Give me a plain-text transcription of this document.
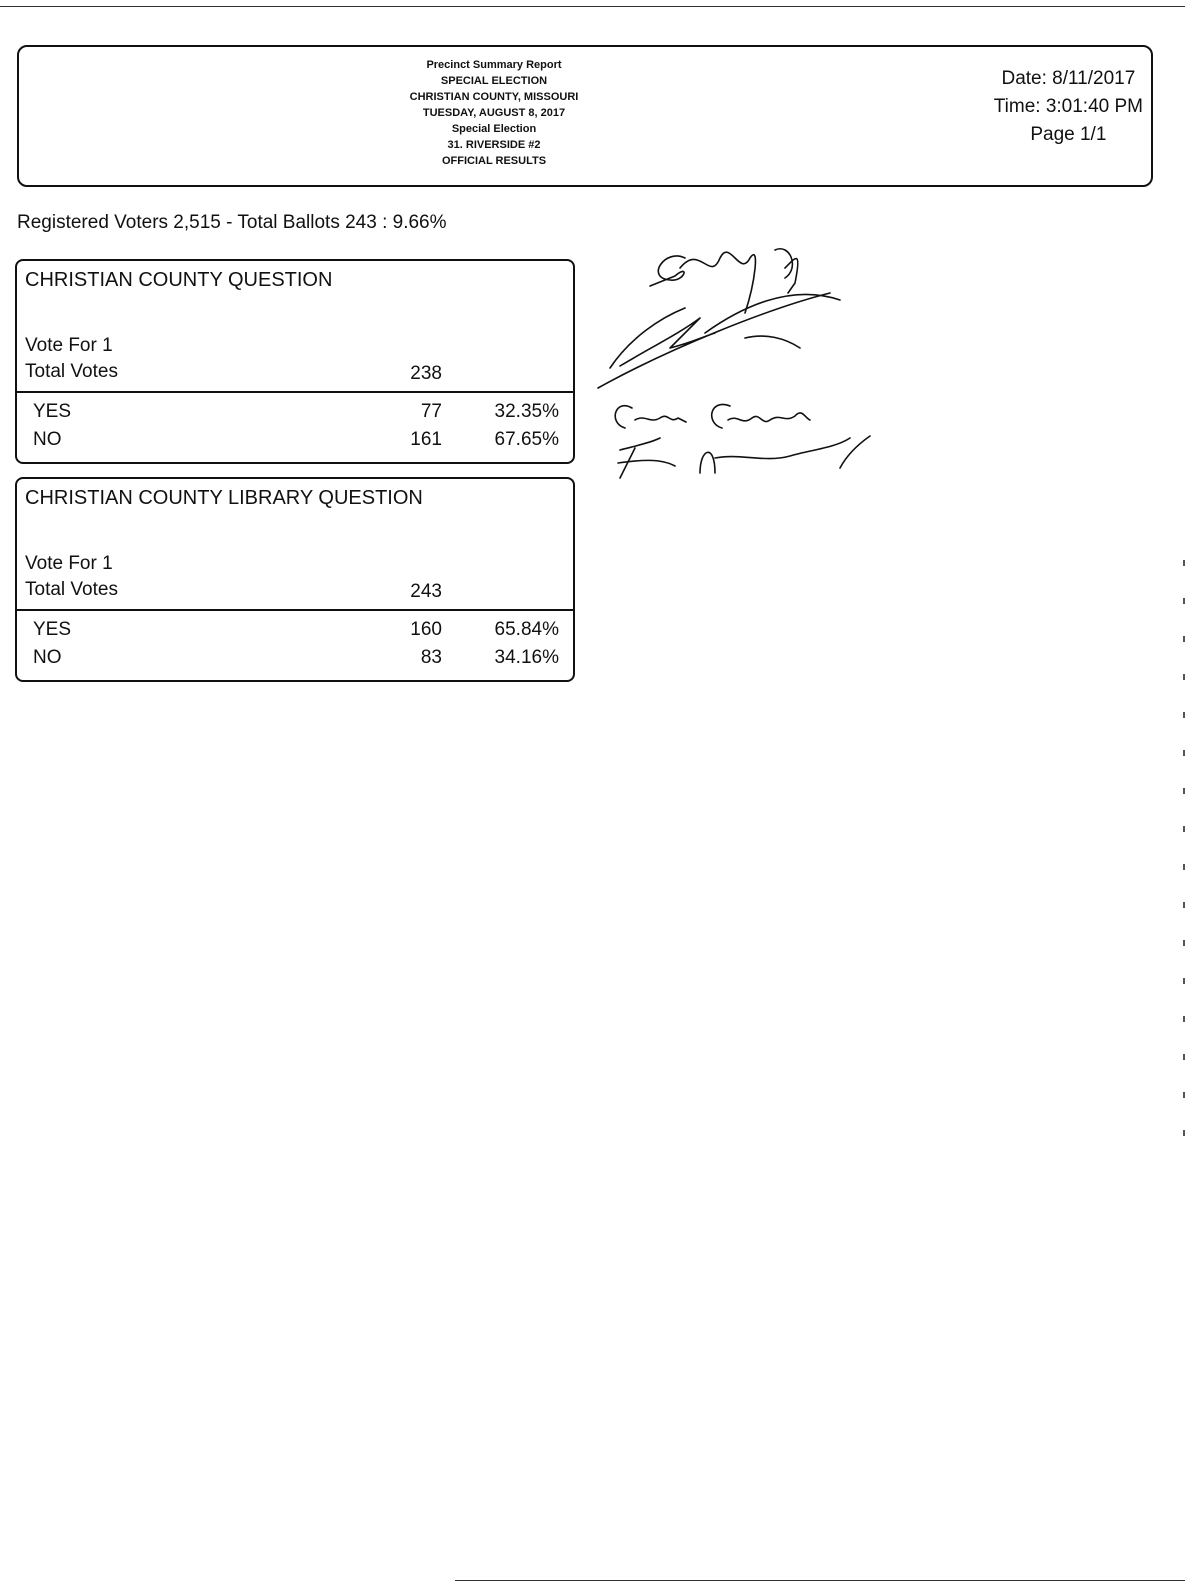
Precinct Summary Report
SPECIAL ELECTION
CHRISTIAN COUNTY, MISSOURI
TUESDAY, AUGUST 8, 2017
Special Election
31. RIVERSIDE #2
OFFICIAL RESULTS
Date: 8/11/2017
Time: 3:01:40 PM
Page 1/1
Registered Voters 2,515 - Total Ballots 243 : 9.66%
CHRISTIAN COUNTY QUESTION
Vote For 1
Total Votes	238
YES	77	32.35%
NO	161	67.65%
CHRISTIAN COUNTY LIBRARY QUESTION
Vote For 1
Total Votes	243
YES	160	65.84%
NO	83	34.16%
